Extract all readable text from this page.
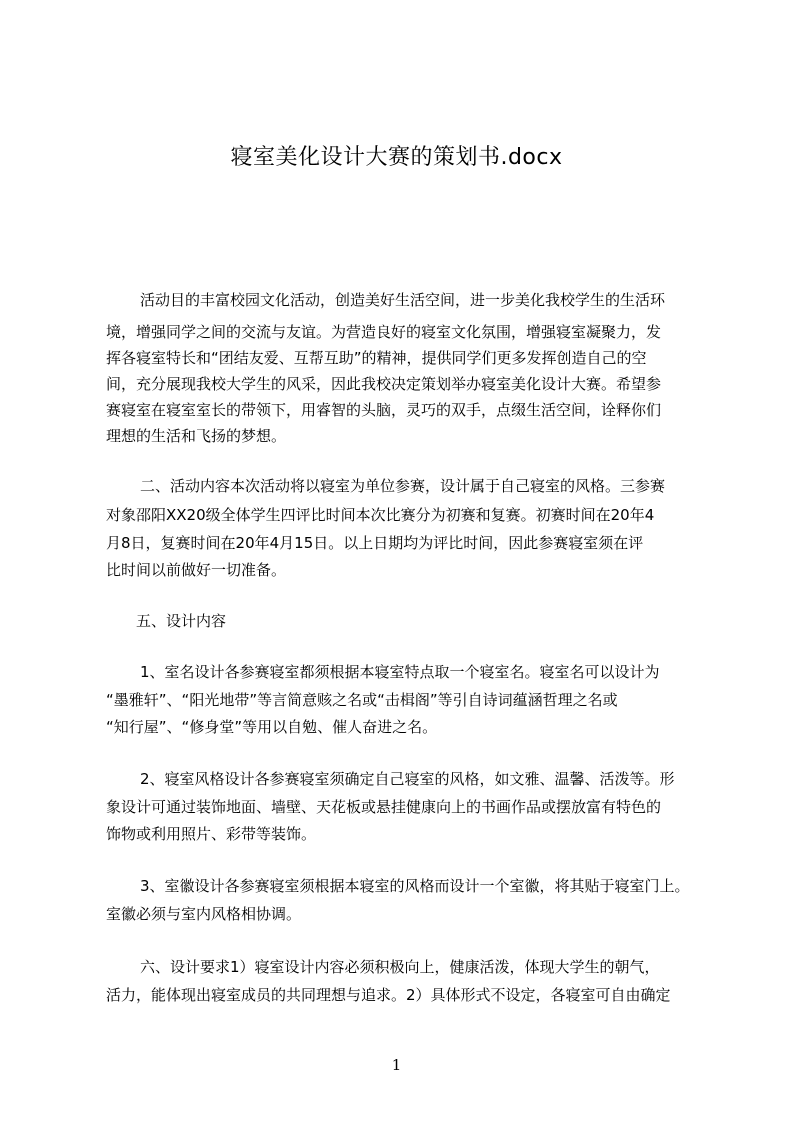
寝室美化设计大赛的策划书.docx
活动目的丰富校园文化活动，创造美好生活空间，进一步美化我校学生的生活环
境，增强同学之间的交流与友谊。为营造良好的寝室文化氛围，增强寝室凝聚力，发
挥各寝室特长和“团结友爱、互帮互助”的精神，提供同学们更多发挥创造自己的空
间，充分展现我校大学生的风采，因此我校决定策划举办寝室美化设计大赛。希望参
赛寝室在寝室室长的带领下，用睿智的头脑，灵巧的双手，点缀生活空间，诠释你们
理想的生活和飞扬的梦想。
二、活动内容本次活动将以寝室为单位参赛，设计属于自己寝室的风格。三参赛
对象邵阳XX20级全体学生四评比时间本次比赛分为初赛和复赛。初赛时间在20年4
月8日，复赛时间在20年4月15日。以上日期均为评比时间，因此参赛寝室须在评
比时间以前做好一切准备。
五、设计内容
1、室名设计各参赛寝室都须根据本寝室特点取一个寝室名。寝室名可以设计为
“墨雅轩”、“阳光地带”等言简意赅之名或“击楫阁”等引自诗词蕴涵哲理之名或
“知行屋”、“修身堂”等用以自勉、催人奋进之名。
2、寝室风格设计各参赛寝室须确定自己寝室的风格，如文雅、温馨、活泼等。形
象设计可通过装饰地面、墙壁、天花板或悬挂健康向上的书画作品或摆放富有特色的
饰物或利用照片、彩带等装饰。
3、室徽设计各参赛寝室须根据本寝室的风格而设计一个室徽，将其贴于寝室门上。
室徽必须与室内风格相协调。
六、设计要求1）寝室设计内容必须积极向上，健康活泼，体现大学生的朝气，
活力，能体现出寝室成员的共同理想与追求。2）具体形式不设定，各寝室可自由确定
1
